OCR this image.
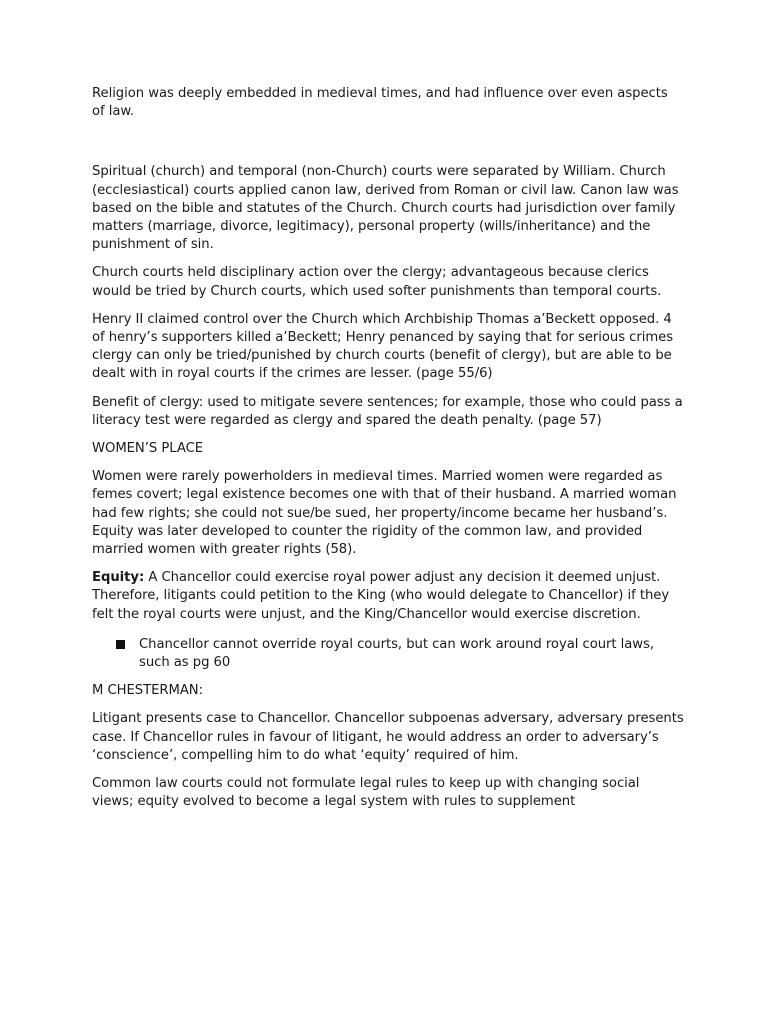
Religion was deeply embedded in medieval times, and had influence over even aspects of law.

Spiritual (church) and temporal (non-Church) courts were separated by William. Church (ecclesiastical) courts applied canon law, derived from Roman or civil law. Canon law was based on the bible and statutes of the Church. Church courts had jurisdiction over family matters (marriage, divorce, legitimacy), personal property (wills/inheritance) and the punishment of sin.

Church courts held disciplinary action over the clergy; advantageous because clerics would be tried by Church courts, which used softer punishments than temporal courts.

Henry II claimed control over the Church which Archbiship Thomas a’Beckett opposed. 4 of henry’s supporters killed a’Beckett; Henry penanced by saying that for serious crimes clergy can only be tried/punished by church courts (benefit of clergy), but are able to be dealt with in royal courts if the crimes are lesser. (page 55/6)

Benefit of clergy: used to mitigate severe sentences; for example, those who could pass a literacy test were regarded as clergy and spared the death penalty. (page 57)

WOMEN’S PLACE

Women were rarely powerholders in medieval times. Married women were regarded as femes covert; legal existence becomes one with that of their husband. A married woman had few rights; she could not sue/be sued, her property/income became her husband’s. Equity was later developed to counter the rigidity of the common law, and provided married women with greater rights (58).

Equity: A Chancellor could exercise royal power adjust any decision it deemed unjust. Therefore, litigants could petition to the King (who would delegate to Chancellor) if they felt the royal courts were unjust, and the King/Chancellor would exercise discretion.

Chancellor cannot override royal courts, but can work around royal court laws, such as pg 60

M CHESTERMAN:

Litigant presents case to Chancellor. Chancellor subpoenas adversary, adversary presents case. If Chancellor rules in favour of litigant, he would address an order to adversary’s ‘conscience’, compelling him to do what ‘equity’ required of him.

Common law courts could not formulate legal rules to keep up with changing social views; equity evolved to become a legal system with rules to supplement
